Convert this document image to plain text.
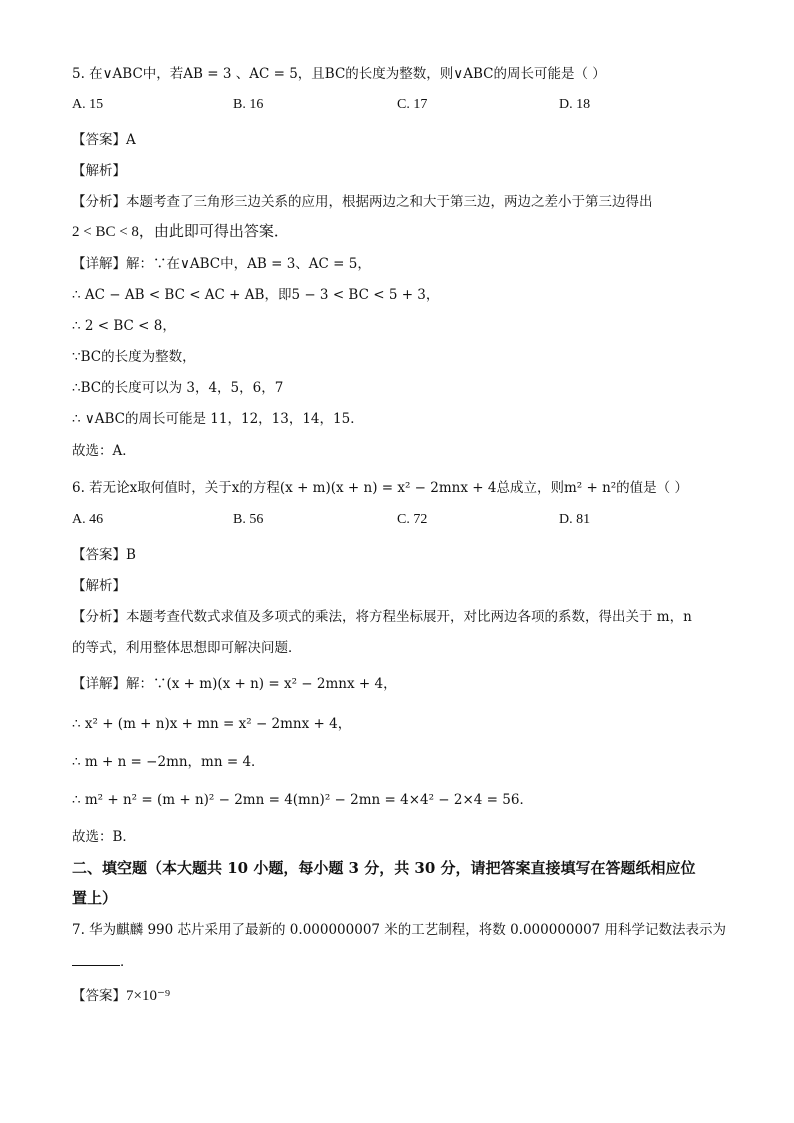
5. 在∨ABC中，若AB = 3 、AC = 5，且BC的长度为整数，则∨ABC的周长可能是（ ）
A. 15	B. 16	C. 17	D. 18
【答案】A
【解析】
【分析】本题考查了三角形三边关系的应用，根据两边之和大于第三边，两边之差小于第三边得出
2 < BC < 8，由此即可得出答案．
【详解】解：∵在∨ABC中，AB = 3、AC = 5，
∴ AC − AB < BC < AC + AB，即5 − 3 < BC < 5 + 3，
∴ 2 < BC < 8，
∵BC的长度为整数，
∴BC的长度可以为 3，4，5，6，7
∴ ∨ABC的周长可能是 11，12，13，14，15．
故选：A．
6. 若无论x取何值时，关于x的方程(x + m)(x + n) = x² − 2mnx + 4总成立，则m² + n²的值是（ ）
A. 46	B. 56	C. 72	D. 81
【答案】B
【解析】
【分析】本题考查代数式求值及多项式的乘法，将方程坐标展开，对比两边各项的系数，得出关于 m，n
的等式，利用整体思想即可解决问题．
【详解】解：∵(x + m)(x + n) = x² − 2mnx + 4，
∴ x² + (m + n)x + mn = x² − 2mnx + 4，
∴ m + n = −2mn，mn = 4．
∴ m² + n² = (m + n)² − 2mn = 4(mn)² − 2mn = 4×4² − 2×4 = 56．
故选：B．
二、填空题（本大题共 10 小题，每小题 3 分，共 30 分，请把答案直接填写在答题纸相应位
置上）
7. 华为麒麟 990 芯片采用了最新的 0.000000007 米的工艺制程，将数 0.000000007 用科学记数法表示为
．
【答案】7×10⁻⁹
